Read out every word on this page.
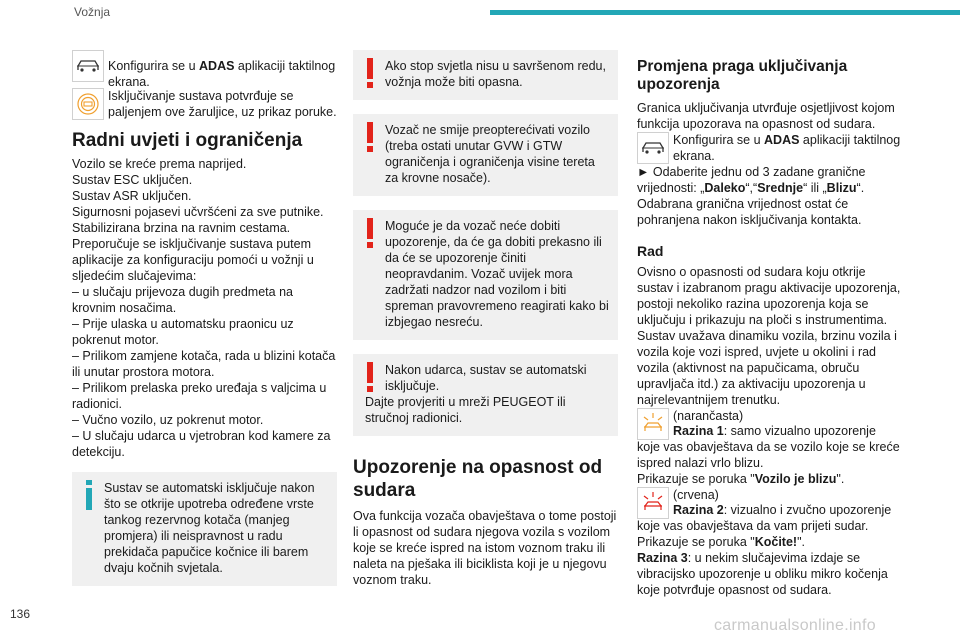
Vožnja

Konfigurira se u ADAS aplikaciji taktilnog ekrana.

Isključivanje sustava potvrđuje se paljenjem ove žaruljice, uz prikaz poruke.

Radni uvjeti i ograničenja

Vozilo se kreće prema naprijed.

Sustav ESC uključen.

Sustav ASR uključen.

Sigurnosni pojasevi učvršćeni za sve putnike.

Stabilizirana brzina na ravnim cestama.

Preporučuje se isključivanje sustava putem aplikacije za konfiguraciju pomoći u vožnji u sljedećim slučajevima:

– u slučaju prijevoza dugih predmeta na krovnim nosačima.

– Prije ulaska u automatsku praonicu uz pokrenut motor.

– Prilikom zamjene kotača, rada u blizini kotača ili unutar prostora motora.

– Prilikom prelaska preko uređaja s valjcima u radionici.

– Vučno vozilo, uz pokrenut motor.

– U slučaju udarca u vjetrobran kod kamere za detekciju.

Sustav se automatski isključuje nakon
što se otkrije upotreba određene vrste tankog rezervnog kotača (manjeg promjera) ili neispravnost u radu prekidača papučice kočnice ili barem dvaju kočnih svjetala.
Ako stop svjetla nisu u savršenom redu,
vožnja može biti opasna.
Vozač ne smije preopterećivati vozilo
(treba ostati unutar GVW i GTW ograničenja i ograničenja visine tereta za krovne nosače).
Moguće je da vozač neće dobiti
upozorenje, da će ga dobiti prekasno ili da će se upozorenje činiti neopravdanim. Vozač uvijek mora zadržati nadzor nad vozilom i biti spreman pravovremeno reagirati kako bi izbjegao nesreću.
Nakon udarca, sustav se automatski
isključuje.
Dajte provjeriti u mreži PEUGEOT ili stručnoj radionici.
Upozorenje na opasnost od sudara

Ova funkcija vozača obavještava o tome postoji li opasnost od sudara njegova vozila s vozilom koje se kreće ispred na istom voznom traku ili naleta na pješaka ili biciklista koji je u njegovu voznom traku.

Promjena praga uključivanja upozorenja

Granica uključivanja utvrđuje osjetljivost kojom funkcija upozorava na opasnost od sudara.

Konfigurira se u ADAS aplikaciji taktilnog ekrana.

► Odaberite jednu od 3 zadane granične vrijednosti: „Daleko“,“Srednje“ ili „Blizu“.

Odabrana granična vrijednost ostat će pohranjena nakon isključivanja kontakta.

Rad

Ovisno o opasnosti od sudara koju otkrije sustav i izabranom pragu aktivacije upozorenja, postoji nekoliko razina upozorenja koja se uključuju i prikazuju na ploči s instrumentima.

Sustav uvažava dinamiku vozila, brzinu vozila i vozila koje vozi ispred, uvjete u okolini i rad vozila (aktivnost na papučicama, obruču upravljača itd.) za aktivaciju upozorenja u najrelevantnijem trenutku.

(narančasta)

Razina 1: samo vizualno upozorenje koje vas obavještava da se vozilo koje se kreće ispred nalazi vrlo blizu.

Prikazuje se poruka "Vozilo je blizu".

(crvena)

Razina 2: vizualno i zvučno upozorenje koje vas obavještava da vam prijeti sudar.

Prikazuje se poruka "Kočite!".

Razina 3: u nekim slučajevima izdaje se vibracijsko upozorenje u obliku mikro kočenja koje potvrđuje opasnost od sudara.

136
carmanualsonline.info
